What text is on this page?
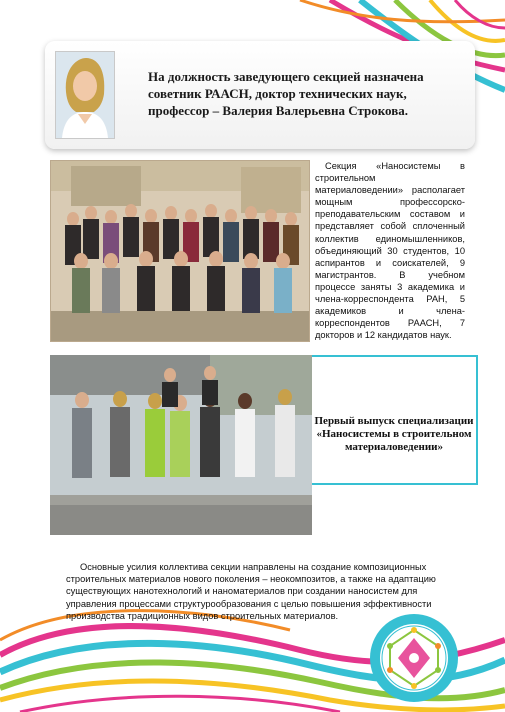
На должность заведующего секцией назначена советник РААСН, доктор технических наук, профессор – Валерия Валерьевна Строкова.

Секция «Наносистемы в строительном материаловедении» располагает мощным профессорско-преподавательским составом и представляет собой сплоченный коллектив единомышленников, объединяющий 30 студентов, 10 аспирантов и соискателей, 9 магистрантов. В учебном процессе заняты 3 академика и члена-корреспондента РАН, 5 академиков и члена-корреспондентов РААСН, 7 докторов и 12 кандидатов наук.

Первый выпуск специализации «Наносистемы в строительном материаловедении»

Основные усилия коллектива секции направлены на создание композиционных строительных материалов нового поколения – неокомпозитов, а также на адаптацию существующих нанотехнологий и наноматериалов при создании наносистем для управления процессами структурообразования с целью повышения эффективности производства традиционных видов строительных материалов.
